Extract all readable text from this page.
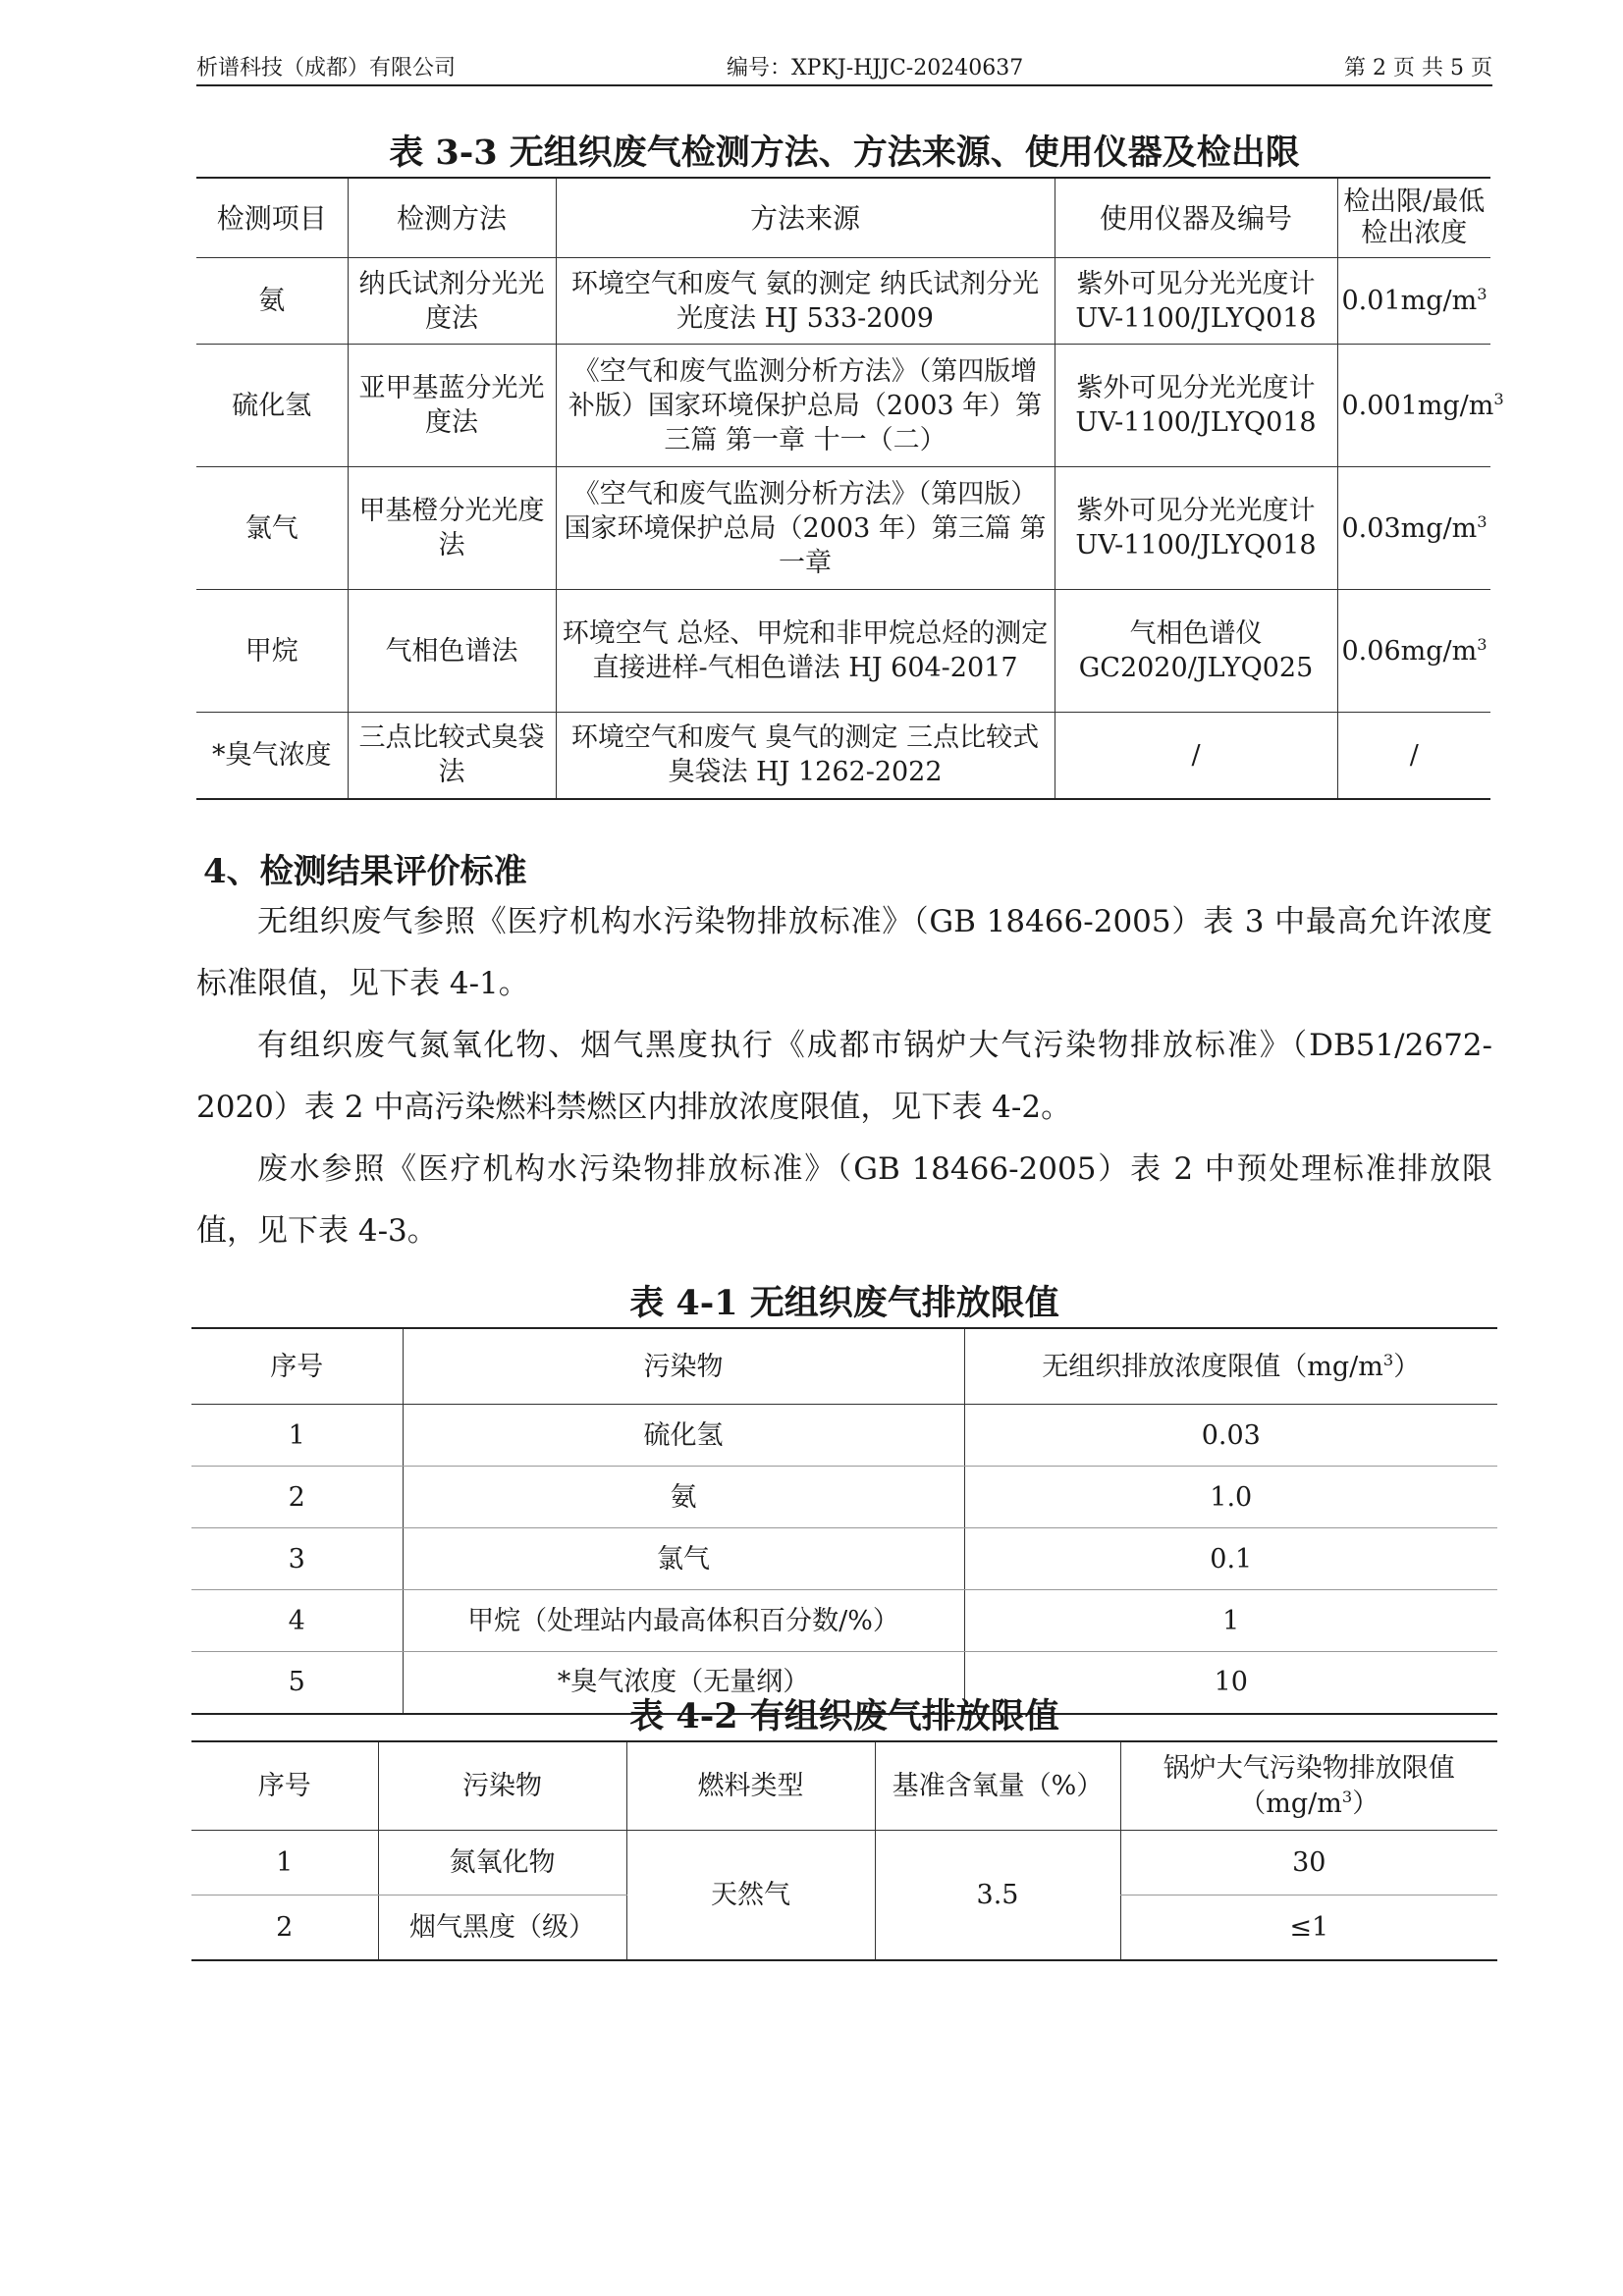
析谱科技（成都）有限公司	编号：XPKJ-HJJC-20240637	第 2 页 共 5 页
表 3-3 无组织废气检测方法、方法来源、使用仪器及检出限
检测项目	检测方法	方法来源	使用仪器及编号	检出限/最低检出浓度
氨	纳氏试剂分光光度法	环境空气和废气 氨的测定 纳氏试剂分光光度法 HJ 533-2009	紫外可见分光光度计 UV-1100/JLYQ018	$0.01mg/m^3$
硫化氢	亚甲基蓝分光光度法	《空气和废气监测分析方法》（第四版增补版）国家环境保护总局（2003 年）第三篇 第一章 十一（二）	紫外可见分光光度计 UV-1100/JLYQ018	$0.001mg/m^3$
氯气	甲基橙分光光度法	《空气和废气监测分析方法》（第四版）国家环境保护总局（2003 年）第三篇 第一章	紫外可见分光光度计 UV-1100/JLYQ018	$0.03mg/m^3$
甲烷	气相色谱法	环境空气 总烃、甲烷和非甲烷总烃的测定 直接进样-气相色谱法 HJ 604-2017	气相色谱仪 GC2020/JLYQ025	$0.06mg/m^3$
*臭气浓度	三点比较式臭袋法	环境空气和废气 臭气的测定 三点比较式臭袋法 HJ 1262-2022	/	/
4、检测结果评价标准

无组织废气参照《医疗机构水污染物排放标准》（GB 18466-2005）表 3 中最高允许浓度标准限值，见下表 4-1。

有组织废气氮氧化物、烟气黑度执行《成都市锅炉大气污染物排放标准》（DB51/2672-2020）表 2 中高污染燃料禁燃区内排放浓度限值，见下表 4-2。

废水参照《医疗机构水污染物排放标准》（GB 18466-2005）表 2 中预处理标准排放限值，见下表 4-3。

表 4-1 无组织废气排放限值
序号	污染物	无组织排放浓度限值$(mg/m^3)$
1	硫化氢	0.03
2	氨	1.0
3	氯气	0.1
4	甲烷（处理站内最高体积百分数/%）	1
5	*臭气浓度（无量纲）	10
表 4-2 有组织废气排放限值
序号	污染物	燃料类型	基准含氧量（%）	锅炉大气污染物排放限值
$(mg/m^3)$
1	氮氧化物	天然气	3.5	30
2	烟气黑度（级）			≤1
